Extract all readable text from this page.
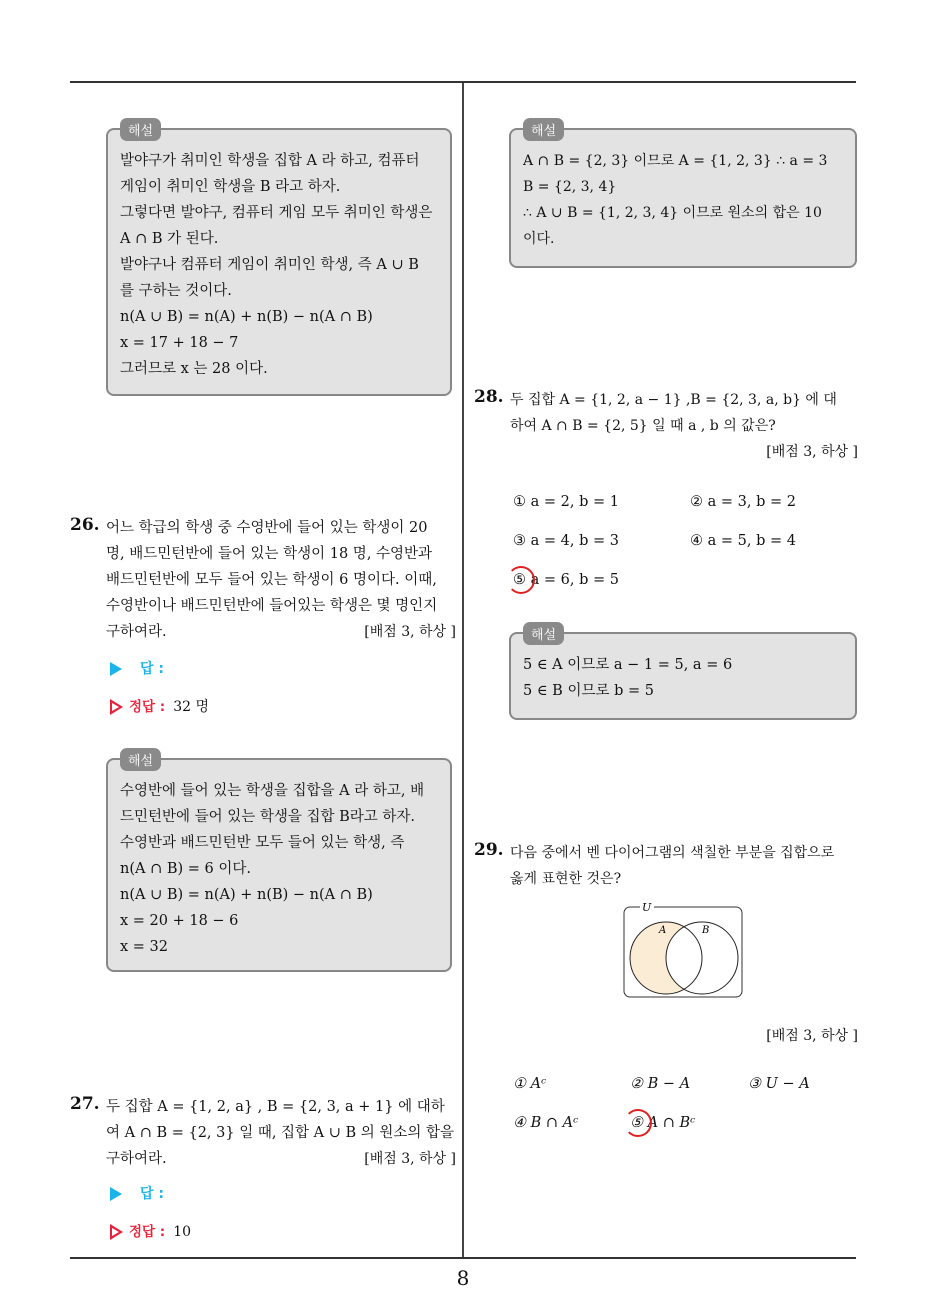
해설
발야구가 취미인 학생을 집합 A 라 하고, 컴퓨터
게임이 취미인 학생을 B 라고 하자.
그렇다면 발야구, 컴퓨터 게임 모두 취미인 학생은
A ∩ B 가 된다.
발야구나 컴퓨터 게임이 취미인 학생, 즉 A ∪ B
를 구하는 것이다.
n(A ∪ B) = n(A) + n(B) − n(A ∩ B)
x = 17 + 18 − 7
그러므로 x 는 28 이다.
26. 어느 학급의 학생 중 수영반에 들어 있는 학생이 20
명, 배드민턴반에 들어 있는 학생이 18 명, 수영반과
배드민턴반에 모두 들어 있는 학생이 6 명이다. 이때,
수영반이나 배드민턴반에 들어있는 학생은 몇 명인지
구하여라.	[배점 3, 하상 ]
답 :
정답 : 32 명
해설
수영반에 들어 있는 학생을 집합을 A 라 하고, 배
드민턴반에 들어 있는 학생을 집합 B라고 하자.
수영반과 배드민턴반 모두 들어 있는 학생, 즉
n(A ∩ B) = 6 이다.
n(A ∪ B) = n(A) + n(B) − n(A ∩ B)
x = 20 + 18 − 6
x = 32
27. 두 집합 A = {1, 2, a} , B = {2, 3, a + 1} 에 대하
여 A ∩ B = {2, 3} 일 때, 집합 A ∪ B 의 원소의 합을
구하여라.	[배점 3, 하상 ]
답 :
정답 : 10
해설
A ∩ B = {2, 3} 이므로 A = {1, 2, 3} ∴ a = 3
B = {2, 3, 4}
∴ A ∪ B = {1, 2, 3, 4} 이므로 원소의 합은 10
이다.
28. 두 집합 A = {1, 2, a − 1} ,B = {2, 3, a, b} 에 대
하여 A ∩ B = {2, 5} 일 때 a , b 의 값은?
[배점 3, 하상 ]
① a = 2, b = 1	② a = 3, b = 2
③ a = 4, b = 3	④ a = 5, b = 4
⑤ a = 6, b = 5
해설
5 ∈ A 이므로 a − 1 = 5, a = 6
5 ∈ B 이므로 b = 5
29. 다음 중에서 벤 다이어그램의 색칠한 부분을 집합으로
옳게 표현한 것은?
U
A	B
[배점 3, 하상 ]
① Aᶜ	② B − A	③ U − A
④ B ∩ Aᶜ	⑤ A ∩ Bᶜ
8
